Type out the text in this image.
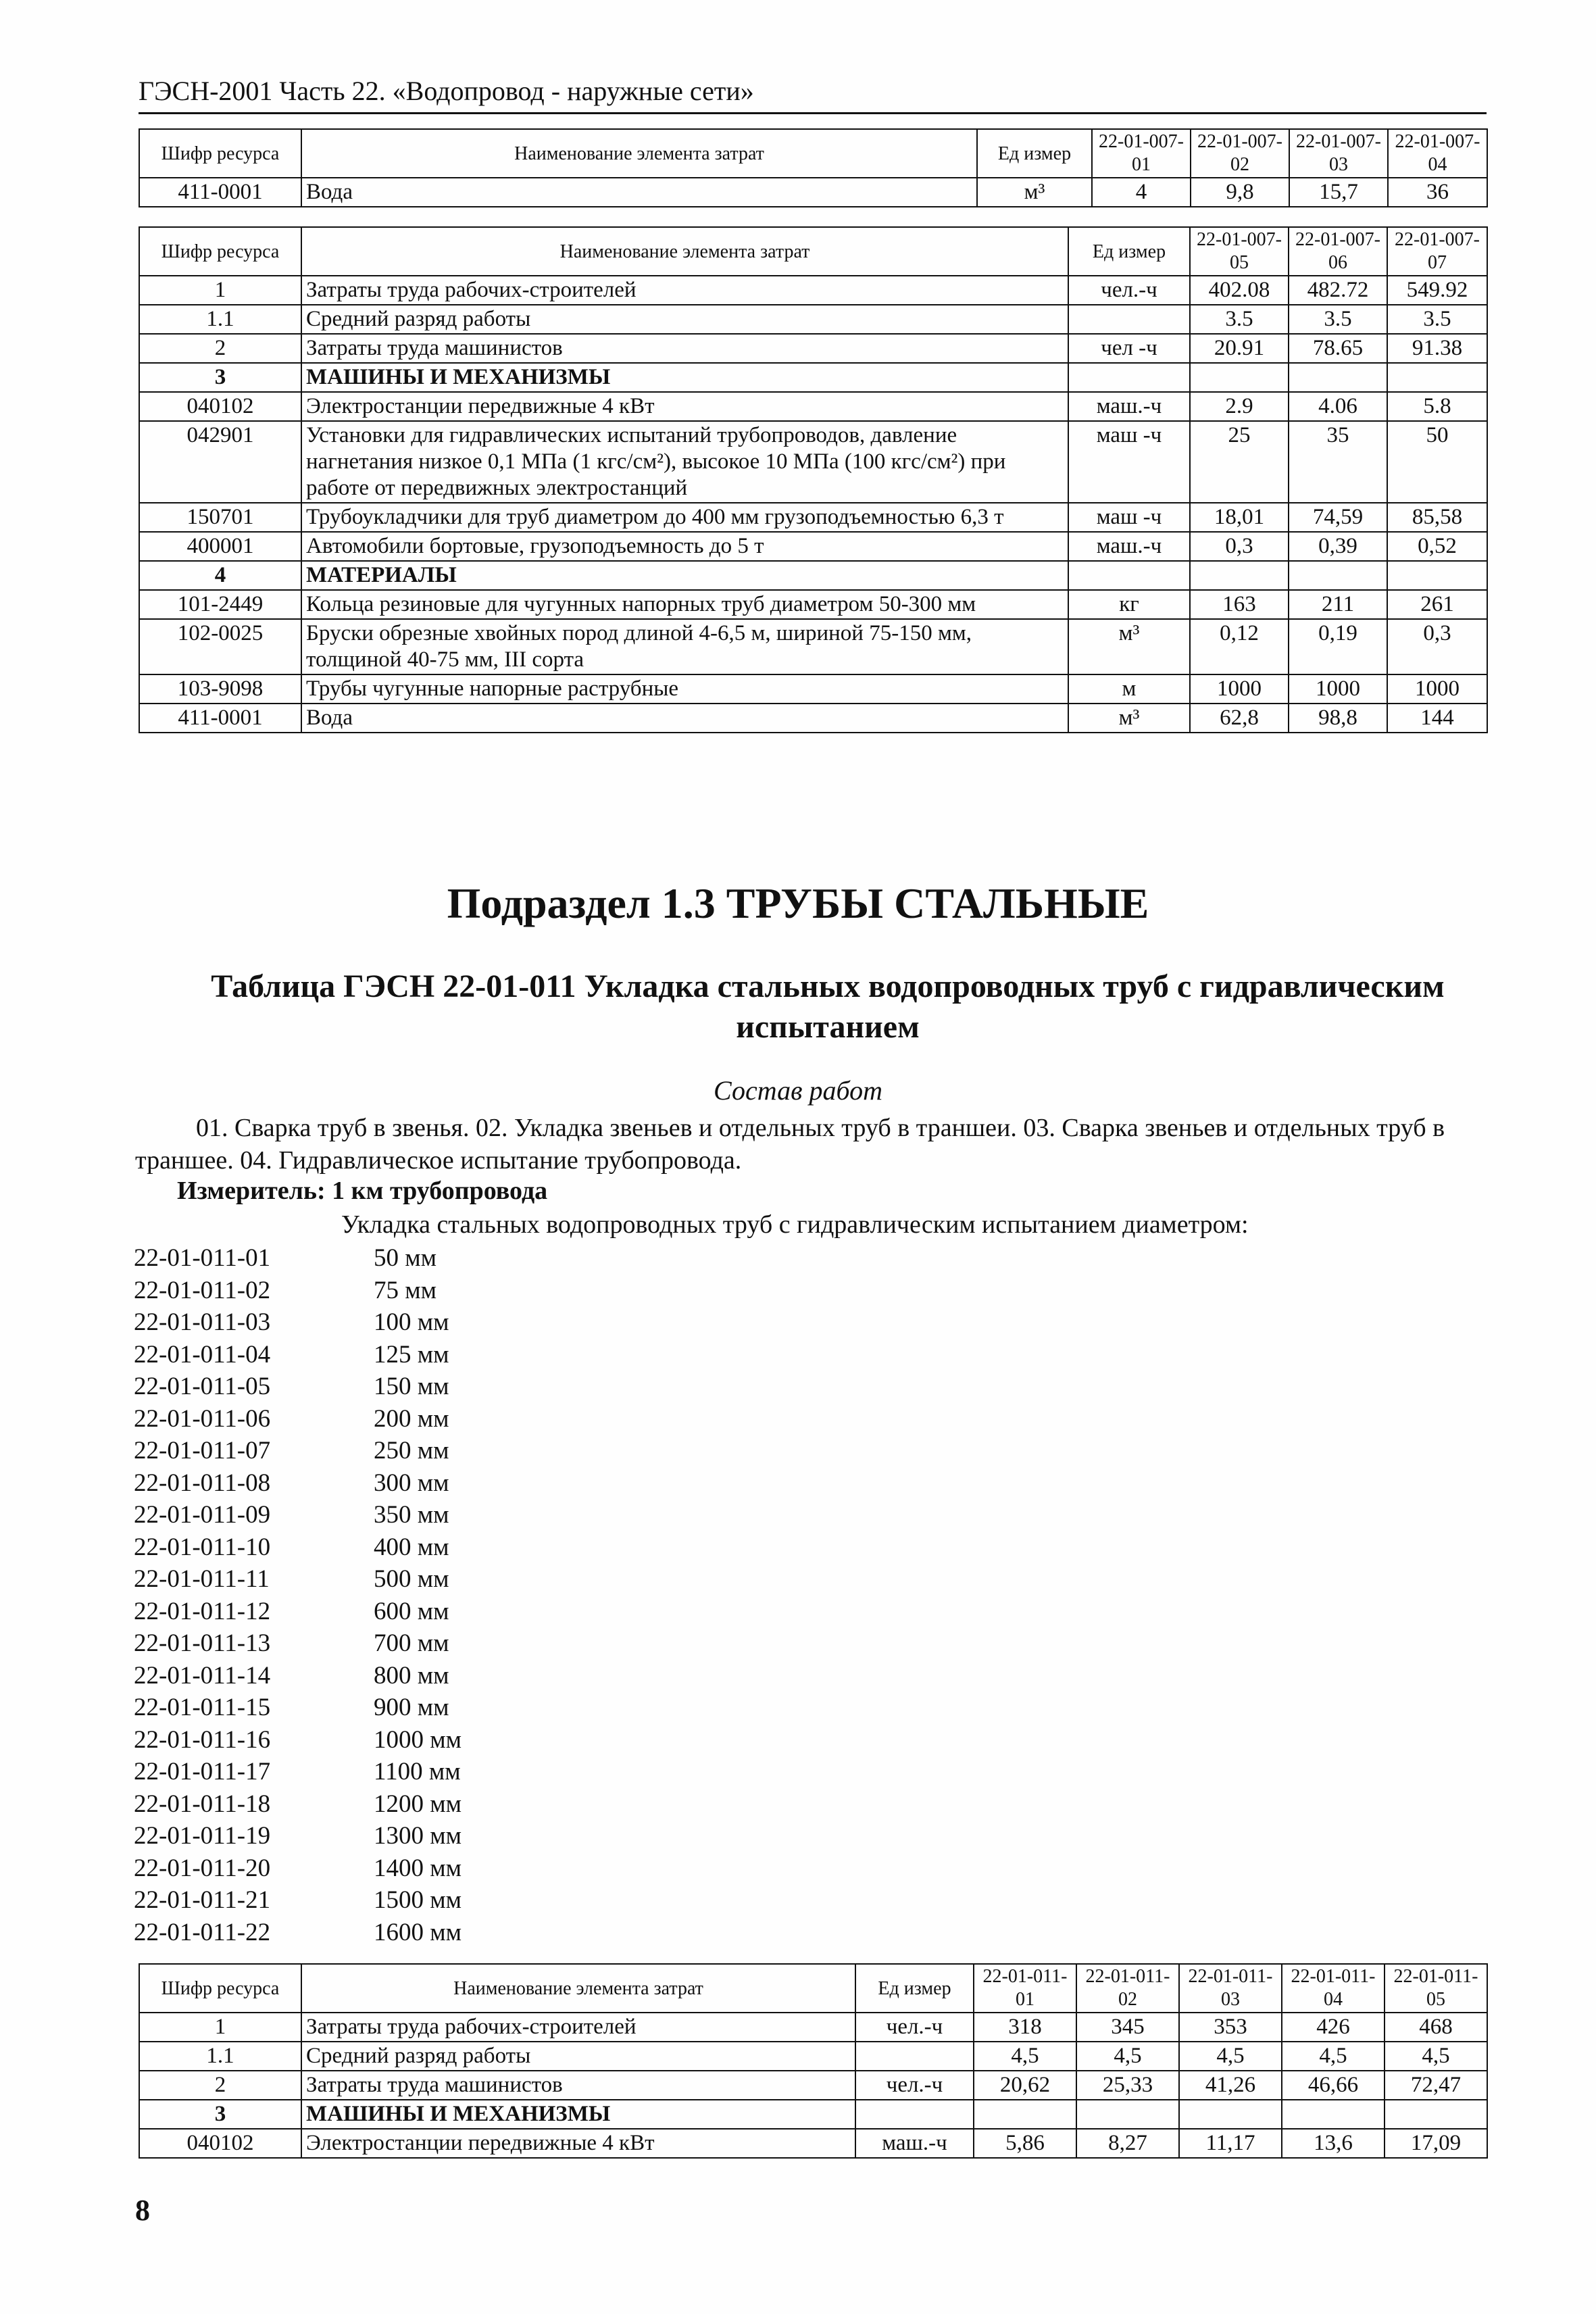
ГЭСН-2001 Часть 22. «Водопровод - наружные сети»
Шифр ресурса	Наименование элемента затрат	Ед измер	22-01-007-01	22-01-007-02	22-01-007-03	22-01-007-04
411-0001	Вода	м³	4	9,8	15,7	36
Шифр ресурса	Наименование элемента затрат	Ед измер	22-01-007-05	22-01-007-06	22-01-007-07
1	Затраты труда рабочих-строителей	чел.-ч	402.08	482.72	549.92
1.1	Средний разряд работы		3.5	3.5	3.5
2	Затраты труда машинистов	чел -ч	20.91	78.65	91.38
3	МАШИНЫ И МЕХАНИЗМЫ				
040102	Электростанции передвижные 4 кВт	маш.-ч	2.9	4.06	5.8
042901	Установки для гидравлических испытаний трубопроводов, давление нагнетания низкое 0,1 МПа (1 кгс/см²), высокое 10 МПа (100 кгс/см²) при работе от передвижных электростанций	маш -ч	25	35	50
150701	Трубоукладчики для труб диаметром до 400 мм грузоподъемностью 6,3 т	маш -ч	18,01	74,59	85,58
400001	Автомобили бортовые, грузоподъемность до 5 т	маш.-ч	0,3	0,39	0,52
4	МАТЕРИАЛЫ				
101-2449	Кольца резиновые для чугунных напорных труб диаметром 50-300 мм	кг	163	211	261
102-0025	Бруски обрезные хвойных пород длиной 4-6,5 м, шириной 75-150 мм, толщиной 40-75 мм, III сорта	м³	0,12	0,19	0,3
103-9098	Трубы чугунные напорные раструбные	м	1000	1000	1000
411-0001	Вода	м³	62,8	98,8	144
Подраздел 1.3 ТРУБЫ СТАЛЬНЫЕ
Таблица ГЭСН 22-01-011 Укладка стальных водопроводных труб с гидравлическим испытанием
Состав работ
01. Сварка труб в звенья. 02. Укладка звеньев и отдельных труб в траншеи. 03. Сварка звеньев и отдельных труб в траншее. 04. Гидравлическое испытание трубопровода.
Измеритель: 1 км трубопровода
Укладка стальных водопроводных труб с гидравлическим испытанием диаметром:
22-01-011-01	50 мм
22-01-011-02	75 мм
22-01-011-03	100 мм
22-01-011-04	125 мм
22-01-011-05	150 мм
22-01-011-06	200 мм
22-01-011-07	250 мм
22-01-011-08	300 мм
22-01-011-09	350 мм
22-01-011-10	400 мм
22-01-011-11	500 мм
22-01-011-12	600 мм
22-01-011-13	700 мм
22-01-011-14	800 мм
22-01-011-15	900 мм
22-01-011-16	1000 мм
22-01-011-17	1100 мм
22-01-011-18	1200 мм
22-01-011-19	1300 мм
22-01-011-20	1400 мм
22-01-011-21	1500 мм
22-01-011-22	1600 мм
Шифр ресурса	Наименование элемента затрат	Ед измер	22-01-011-01	22-01-011-02	22-01-011-03	22-01-011-04	22-01-011-05
1	Затраты труда рабочих-строителей	чел.-ч	318	345	353	426	468
1.1	Средний разряд работы		4,5	4,5	4,5	4,5	4,5
2	Затраты труда машинистов	чел.-ч	20,62	25,33	41,26	46,66	72,47
3	МАШИНЫ И МЕХАНИЗМЫ						
040102	Электростанции передвижные 4 кВт	маш.-ч	5,86	8,27	11,17	13,6	17,09
8
